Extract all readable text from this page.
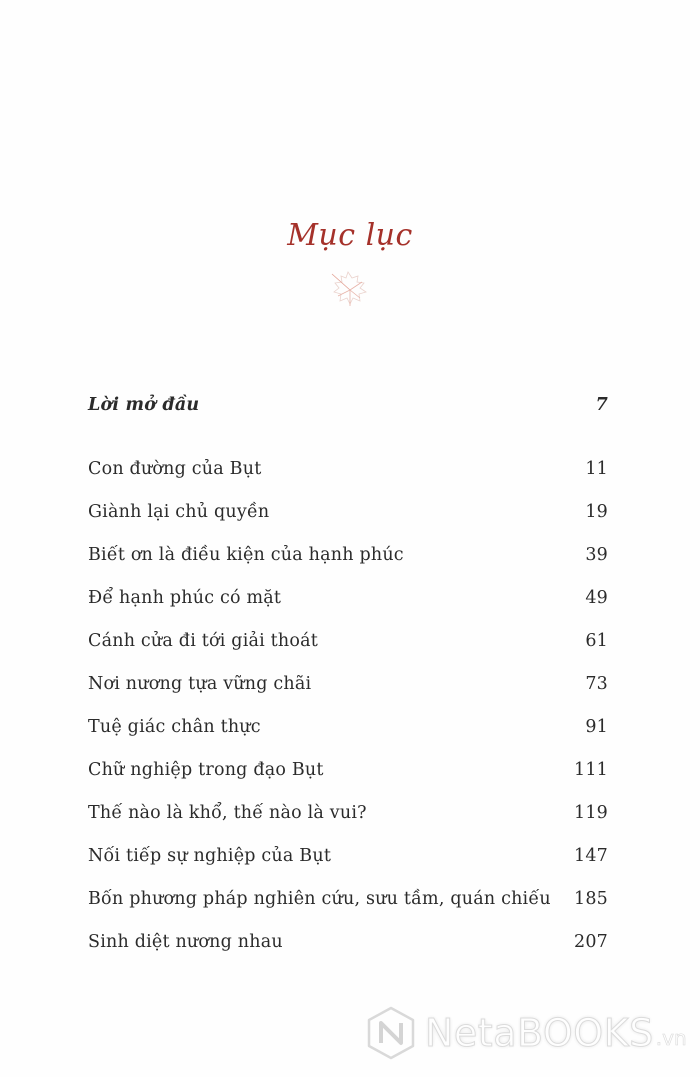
Mục lục
Lời mở đầu	7
Con đường của Bụt	11
Giành lại chủ quyền	19
Biết ơn là điều kiện của hạnh phúc	39
Để hạnh phúc có mặt	49
Cánh cửa đi tới giải thoát	61
Nơi nương tựa vững chãi	73
Tuệ giác chân thực	91
Chữ nghiệp trong đạo Bụt	111
Thế nào là khổ, thế nào là vui?	119
Nối tiếp sự nghiệp của Bụt	147
Bốn phương pháp nghiên cứu, sưu tầm, quán chiếu 185
Sinh diệt nương nhau	207
NetaBOOKS .vn
